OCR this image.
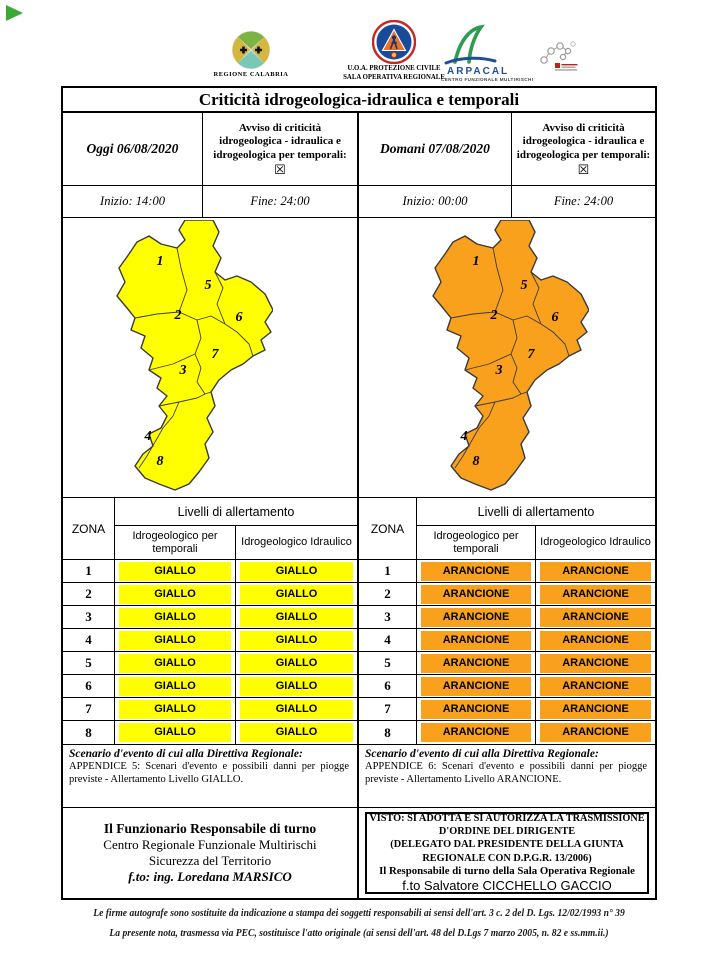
REGIONE CALABRIA
U.O.A. PROTEZIONE CIVILE
SALA OPERATIVA REGIONALE
ARPACAL
CENTRO FUNZIONALE MULTIRISCHI
Criticità idrogeologica-idraulica e temporali
Oggi 06/08/2020
Avviso di criticità idrogeologica - idraulica e idrogeologica per temporali:
☒
Domani 07/08/2020
Avviso di criticità idrogeologica - idraulica e idrogeologica per temporali:
☒
Inizio: 14:00	Fine: 24:00	Inizio: 00:00	Fine: 24:00
1
5
2	6
7
3
4
8
1
5
2	6
7
3
4
8
ZONA
Livelli di allertamento
Idrogeologico per temporali
Idrogeologico Idraulico
1	GIALLO	GIALLO
2	GIALLO	GIALLO
3	GIALLO	GIALLO
4	GIALLO	GIALLO
5	GIALLO	GIALLO
6	GIALLO	GIALLO
7	GIALLO	GIALLO
8	GIALLO	GIALLO
ZONA
Livelli di allertamento
Idrogeologico per temporali
Idrogeologico Idraulico
1	ARANCIONE	ARANCIONE
2	ARANCIONE	ARANCIONE
3	ARANCIONE	ARANCIONE
4	ARANCIONE	ARANCIONE
5	ARANCIONE	ARANCIONE
6	ARANCIONE	ARANCIONE
7	ARANCIONE	ARANCIONE
8	ARANCIONE	ARANCIONE
Scenario d'evento di cui alla Direttiva Regionale:
APPENDICE 5: Scenari d'evento e possibili danni per piogge previste - Allertamento Livello GIALLO.
Scenario d'evento di cui alla Direttiva Regionale:
APPENDICE 6: Scenari d'evento e possibili danni per piogge previste - Allertamento Livello ARANCIONE.
Il Funzionario Responsabile di turno
Centro Regionale Funzionale Multirischi
Sicurezza del Territorio
f.to: ing. Loredana MARSICO
VISTO: SI ADOTTA E SI AUTORIZZA LA TRASMISSIONE
D'ORDINE DEL DIRIGENTE
(DELEGATO DAL PRESIDENTE DELLA GIUNTA
REGIONALE CON D.P.G.R. 13/2006)
Il Responsabile di turno della Sala Operativa Regionale
f.to Salvatore CICCHELLO GACCIO
Le firme autografe sono sostituite da indicazione a stampa dei soggetti responsabili ai sensi dell'art. 3 c. 2 del D. Lgs. 12/02/1993 n° 39
La presente nota, trasmessa via PEC, sostituisce l'atto originale (ai sensi dell'art. 48 del D.Lgs 7 marzo 2005, n. 82 e ss.mm.ii.)
